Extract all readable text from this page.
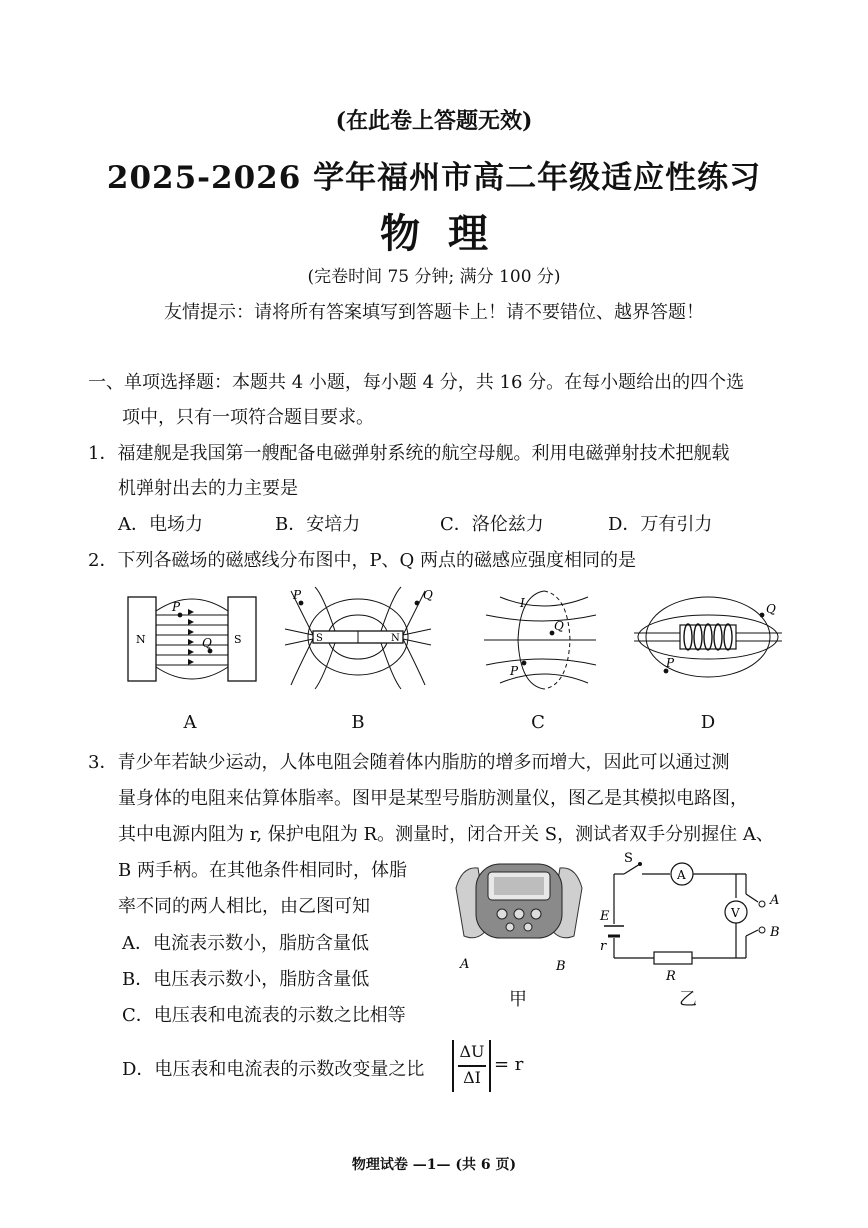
(在此卷上答题无效)
2025-2026 学年福州市高二年级适应性练习
物理
(完卷时间 75 分钟; 满分 100 分)
友情提示：请将所有答案填写到答题卡上！请不要错位、越界答题！
一、单项选择题：本题共 4 小题，每小题 4 分，共 16 分。在每小题给出的四个选
项中，只有一项符合题目要求。
1．福建舰是我国第一艘配备电磁弹射系统的航空母舰。利用电磁弹射技术把舰载
机弹射出去的力主要是
A．电场力	B．安培力	C．洛伦兹力	D．万有引力
2．下列各磁场的磁感线分布图中，P、Q 两点的磁感应强度相同的是
N	S
P
Q
A
S	N
P	Q
B
I
Q
P
C
Q
P
D
3．青少年若缺少运动，人体电阻会随着体内脂肪的增多而增大，因此可以通过测
量身体的电阻来估算体脂率。图甲是某型号脂肪测量仪，图乙是其模拟电路图，
其中电源内阻为 r, 保护电阻为 R。测量时，闭合开关 S，测试者双手分别握住 A、
B 两手柄。在其他条件相同时，体脂
率不同的两人相比，由乙图可知
A．电流表示数小，脂肪含量低
B．电压表示数小，脂肪含量低
C．电压表和电流表的示数之比相等
D．电压表和电流表的示数改变量之比
ΔU
ΔI
= r
A	B
甲
S
A
V
E
r
R
A
B
乙
物理试卷 —1— (共 6 页)
